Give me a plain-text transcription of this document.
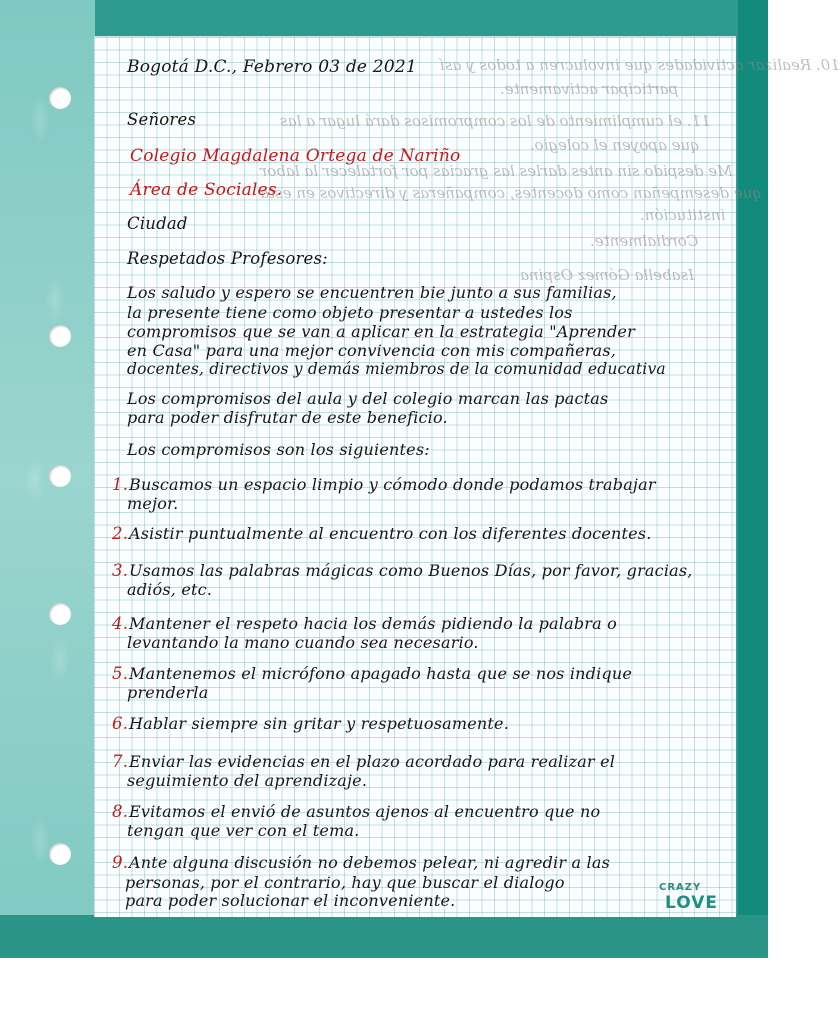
10. Realizar actividades que involucren a todos y así
participar activamente.
11. el cumplimiento de los compromisos dará lugar a las
que apoyen el colegio.
Me despido sin antes darles las gracias por fortalecer la labor
que desempeñan como docentes, compañeras y directivos en esta
institución.
Cordialmente.
Isabella Gómez Ospina
Bogotá D.C., Febrero 03 de 2021
Señores
Colegio Magdalena Ortega de Nariño
Área de Sociales.
Ciudad
Respetados Profesores:
Los saludo y espero se encuentren bie junto a sus familias,
la presente tiene como objeto presentar a ustedes los
compromisos que se van a aplicar en la estrategia "Aprender
en Casa" para una mejor convivencia con mis compañeras,
docentes, directivos y demás miembros de la comunidad educativa
Los compromisos del aula y del colegio marcan las pactas
para poder disfrutar de este beneficio.
Los compromisos son los siguientes:
1. Buscamos un espacio limpio y cómodo donde podamos trabajar
mejor.
2. Asistir puntualmente al encuentro con los diferentes docentes.
3. Usamos las palabras mágicas como Buenos Días, por favor, gracias,
adiós, etc.
4. Mantener el respeto hacia los demás pidiendo la palabra o
levantando la mano cuando sea necesario.
5. Mantenemos el micrófono apagado hasta que se nos indique
prenderla
6. Hablar siempre sin gritar y respetuosamente.
7. Enviar las evidencias en el plazo acordado para realizar el
seguimiento del aprendizaje.
8. Evitamos el envió de asuntos ajenos al encuentro que no
tengan que ver con el tema.
9. Ante alguna discusión no debemos pelear, ni agredir a las
personas, por el contrario, hay que buscar el dialogo
para poder solucionar el inconveniente.
CRAZY
LOVE
